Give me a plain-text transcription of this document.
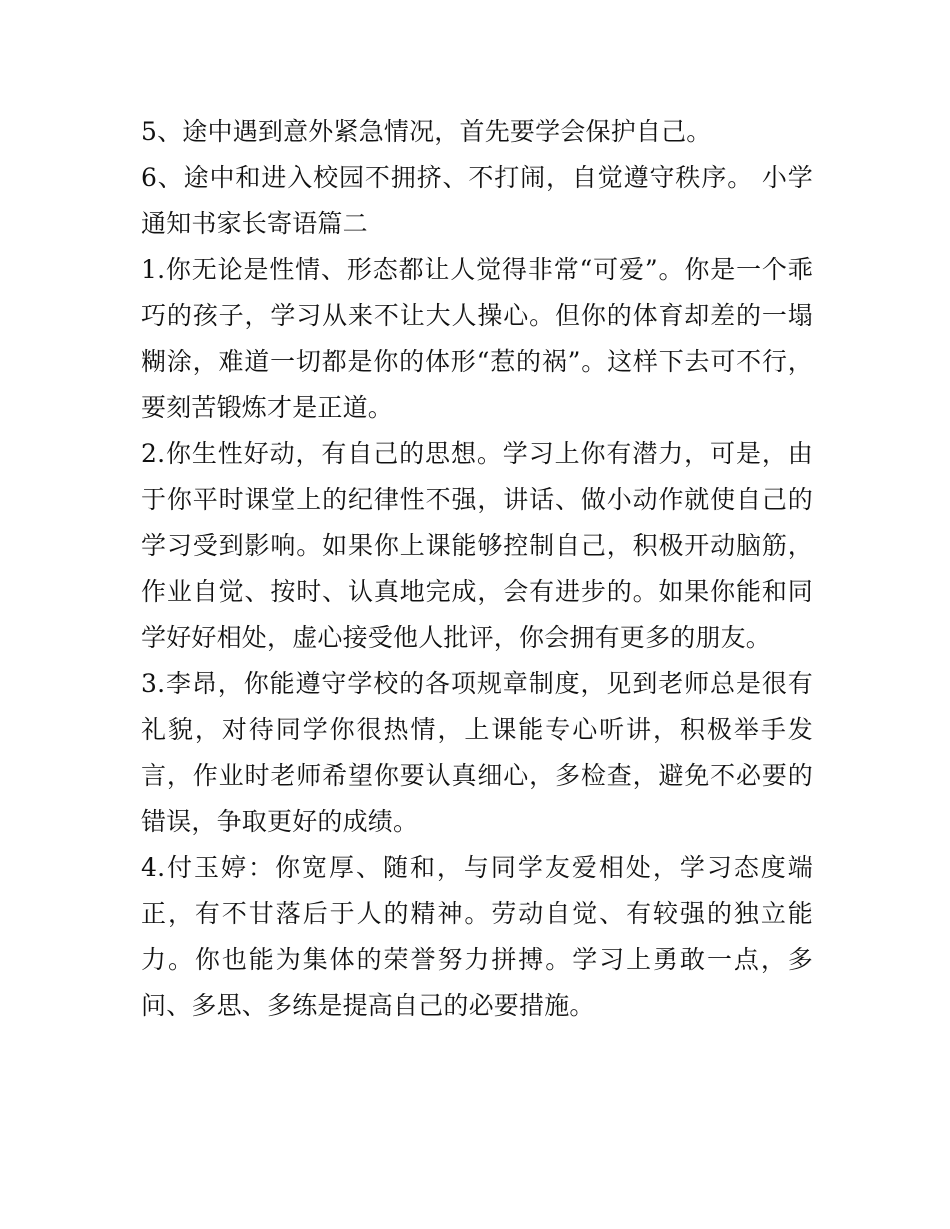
5、途中遇到意外紧急情况，首先要学会保护自己。

6、途中和进入校园不拥挤、不打闹，自觉遵守秩序。 小学通知书家长寄语篇二

1.你无论是性情、形态都让人觉得非常“可爱”。你是一个乖巧的孩子，学习从来不让大人操心。但你的体育却差的一塌糊涂，难道一切都是你的体形“惹的祸”。这样下去可不行，要刻苦锻炼才是正道。

2.你生性好动，有自己的思想。学习上你有潜力，可是，由于你平时课堂上的纪律性不强，讲话、做小动作就使自己的学习受到影响。如果你上课能够控制自己，积极开动脑筋，作业自觉、按时、认真地完成，会有进步的。如果你能和同学好好相处，虚心接受他人批评，你会拥有更多的朋友。

3.李昂，你能遵守学校的各项规章制度，见到老师总是很有礼貌，对待同学你很热情，上课能专心听讲，积极举手发言，作业时老师希望你要认真细心，多检查，避免不必要的错误，争取更好的成绩。

4.付玉婷：你宽厚、随和，与同学友爱相处，学习态度端正，有不甘落后于人的精神。劳动自觉、有较强的独立能力。你也能为集体的荣誉努力拼搏。学习上勇敢一点，多问、多思、多练是提高自己的必要措施。
